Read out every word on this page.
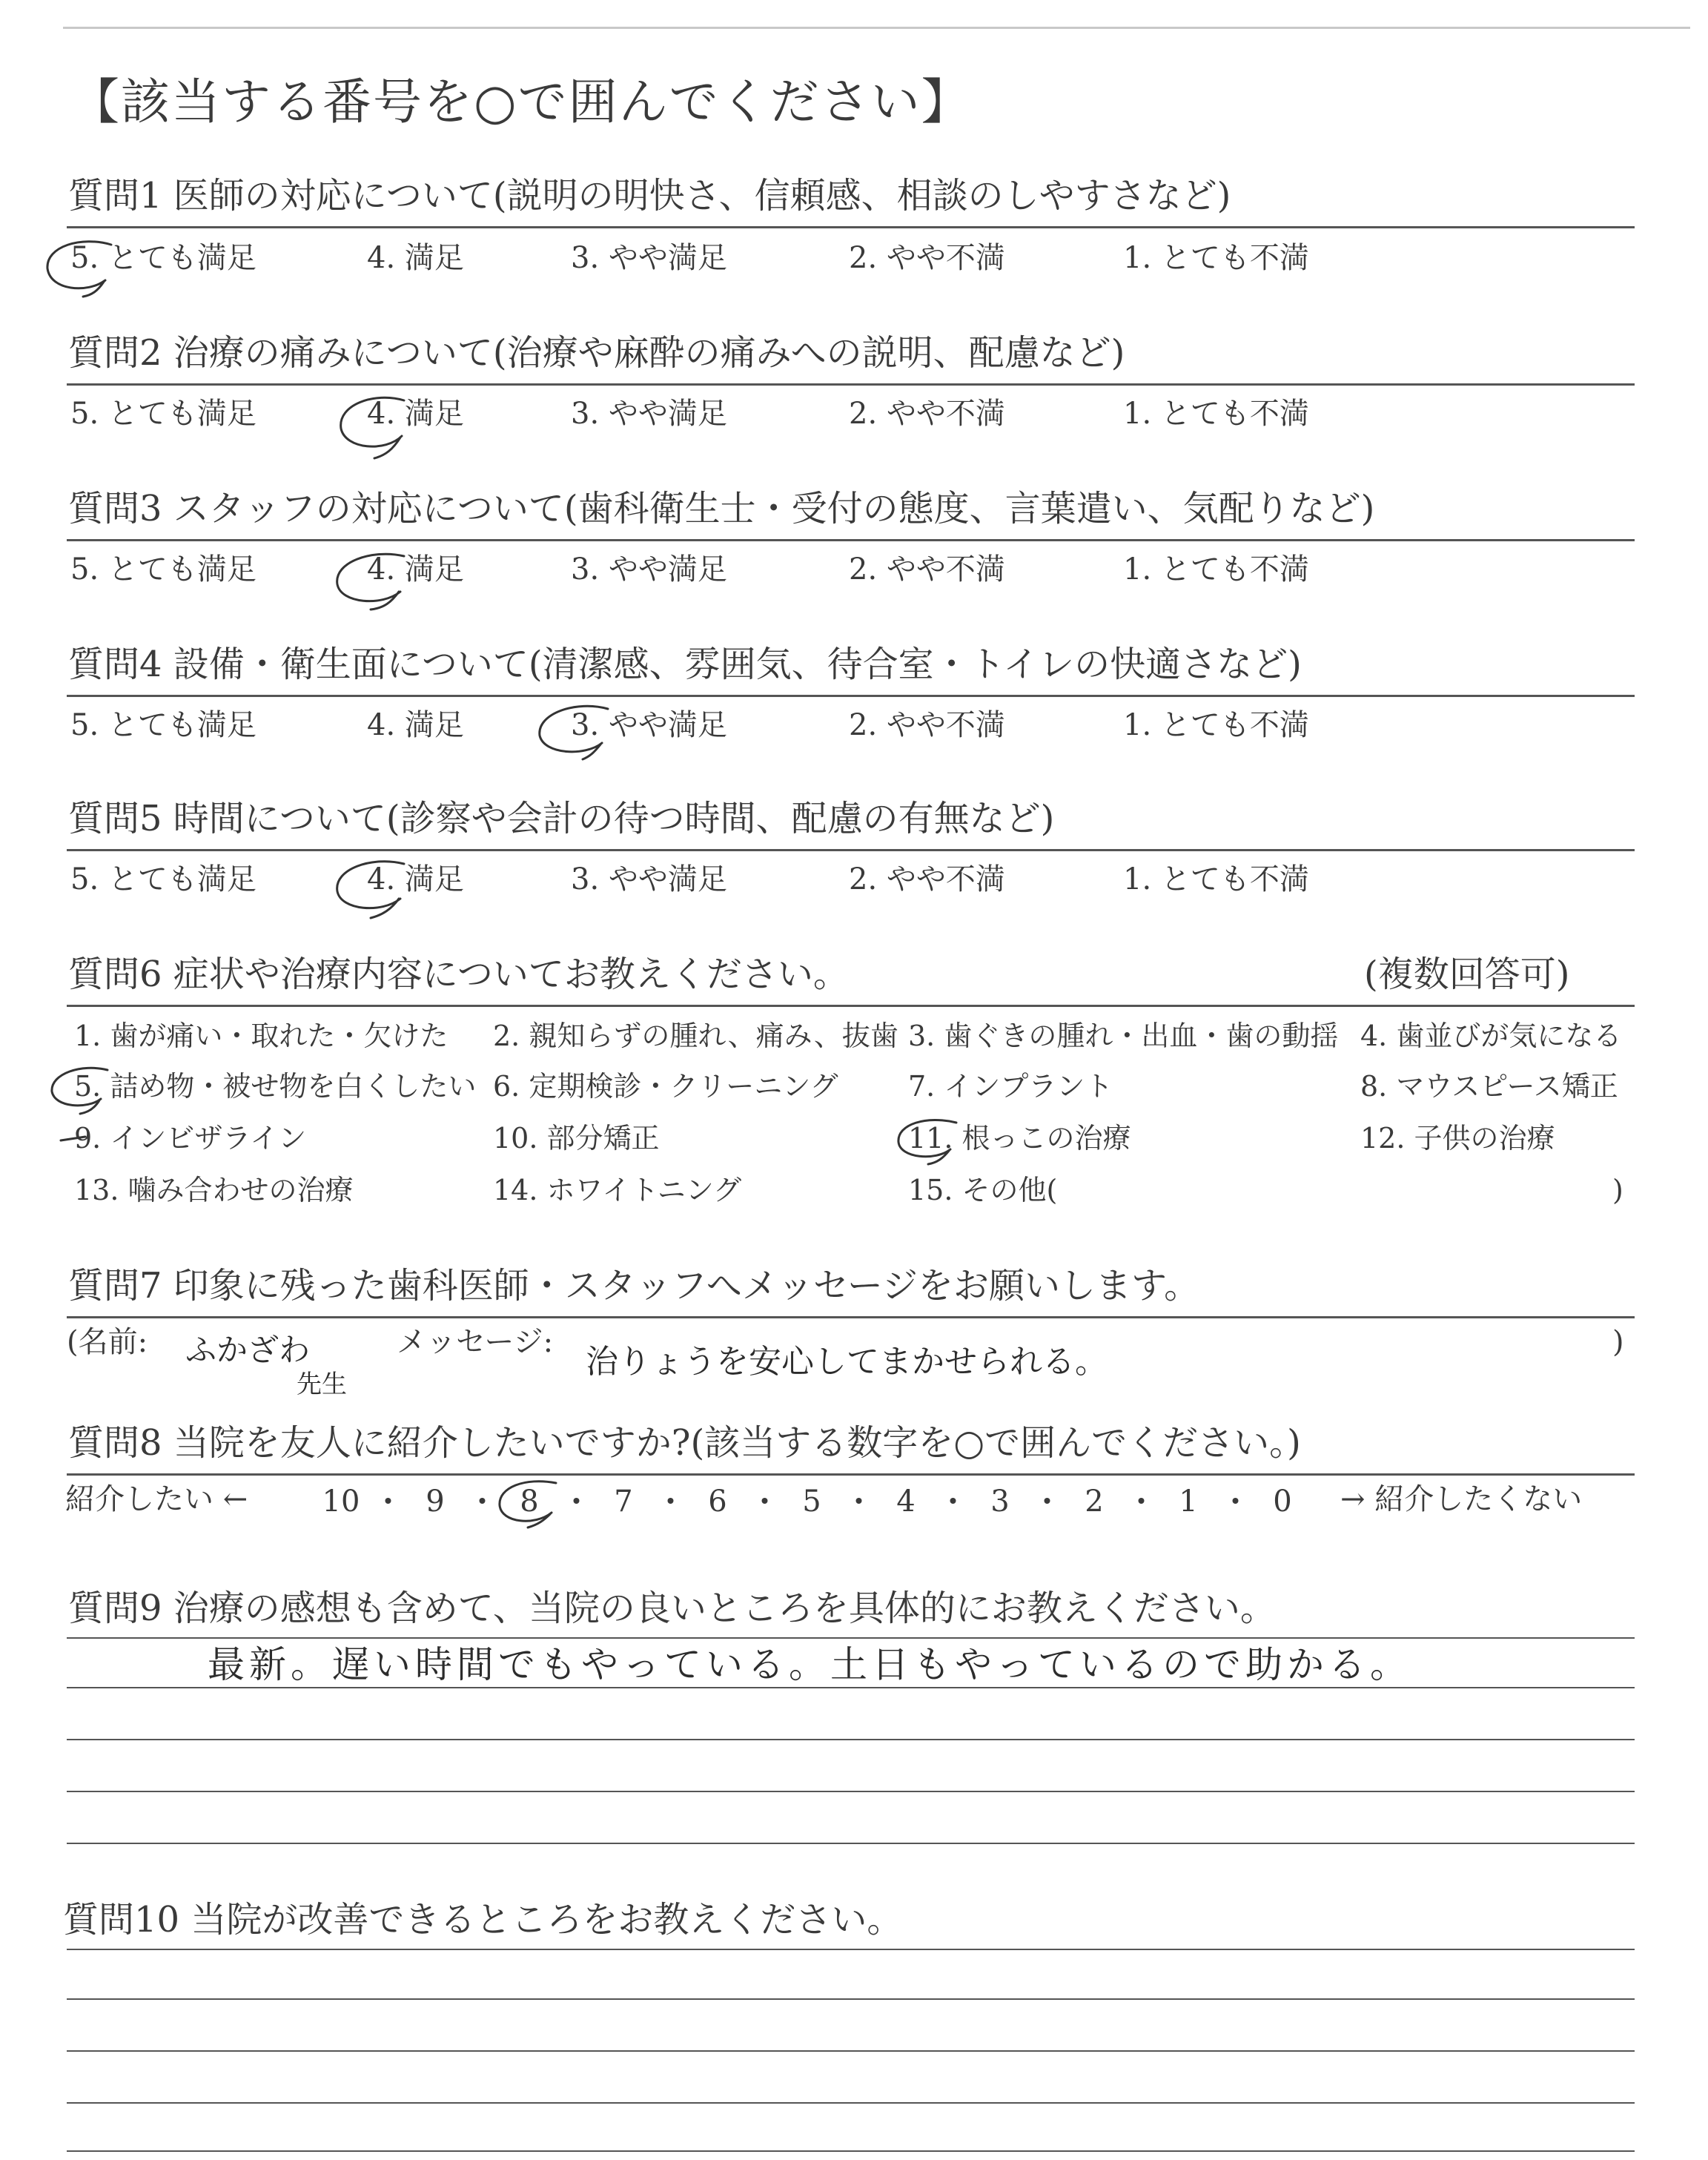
【該当する番号を○で囲んでください】
質問1 医師の対応について(説明の明快さ、信頼感、相談のしやすさなど)
5. とても満足	4. 満足	3. やや満足	2. やや不満	1. とても不満
質問2 治療の痛みについて(治療や麻酔の痛みへの説明、配慮など)
5. とても満足	4. 満足	3. やや満足	2. やや不満	1. とても不満
質問3 スタッフの対応について(歯科衛生士・受付の態度、言葉遣い、気配りなど)
5. とても満足	4. 満足	3. やや満足	2. やや不満	1. とても不満
質問4 設備・衛生面について(清潔感、雰囲気、待合室・トイレの快適さなど)
5. とても満足	4. 満足	3. やや満足	2. やや不満	1. とても不満
質問5 時間について(診察や会計の待つ時間、配慮の有無など)
5. とても満足	4. 満足	3. やや満足	2. やや不満	1. とても不満
質問6 症状や治療内容についてお教えください。	(複数回答可)
1. 歯が痛い・取れた・欠けた 2. 親知らずの腫れ、痛み、抜歯 3. 歯ぐきの腫れ・出血・歯の動揺 4. 歯並びが気になる
5. 詰め物・被せ物を白くしたい 6. 定期検診・クリーニング 7. インプラント	8. マウスピース矯正
9. インビザライン	10. 部分矯正	11. 根っこの治療	12. 子供の治療
13. 噛み合わせの治療	14. ホワイトニング	15. その他(	)
質問7 印象に残った歯科医師・スタッフへメッセージをお願いします。
(名前: ふかざわ
先生
メッセージ:
治りょうを安心してまかせられる。
)
質問8 当院を友人に紹介したいですか?(該当する数字を○で囲んでください。)
紹介したい ←	→ 紹介したくない
10 9	8	7	6	5	4	3	2	1	0
質問9 治療の感想も含めて、当院の良いところを具体的にお教えください。
最新。遅い時間でもやっている。土日もやっているので助かる。
質問10 当院が改善できるところをお教えください。
